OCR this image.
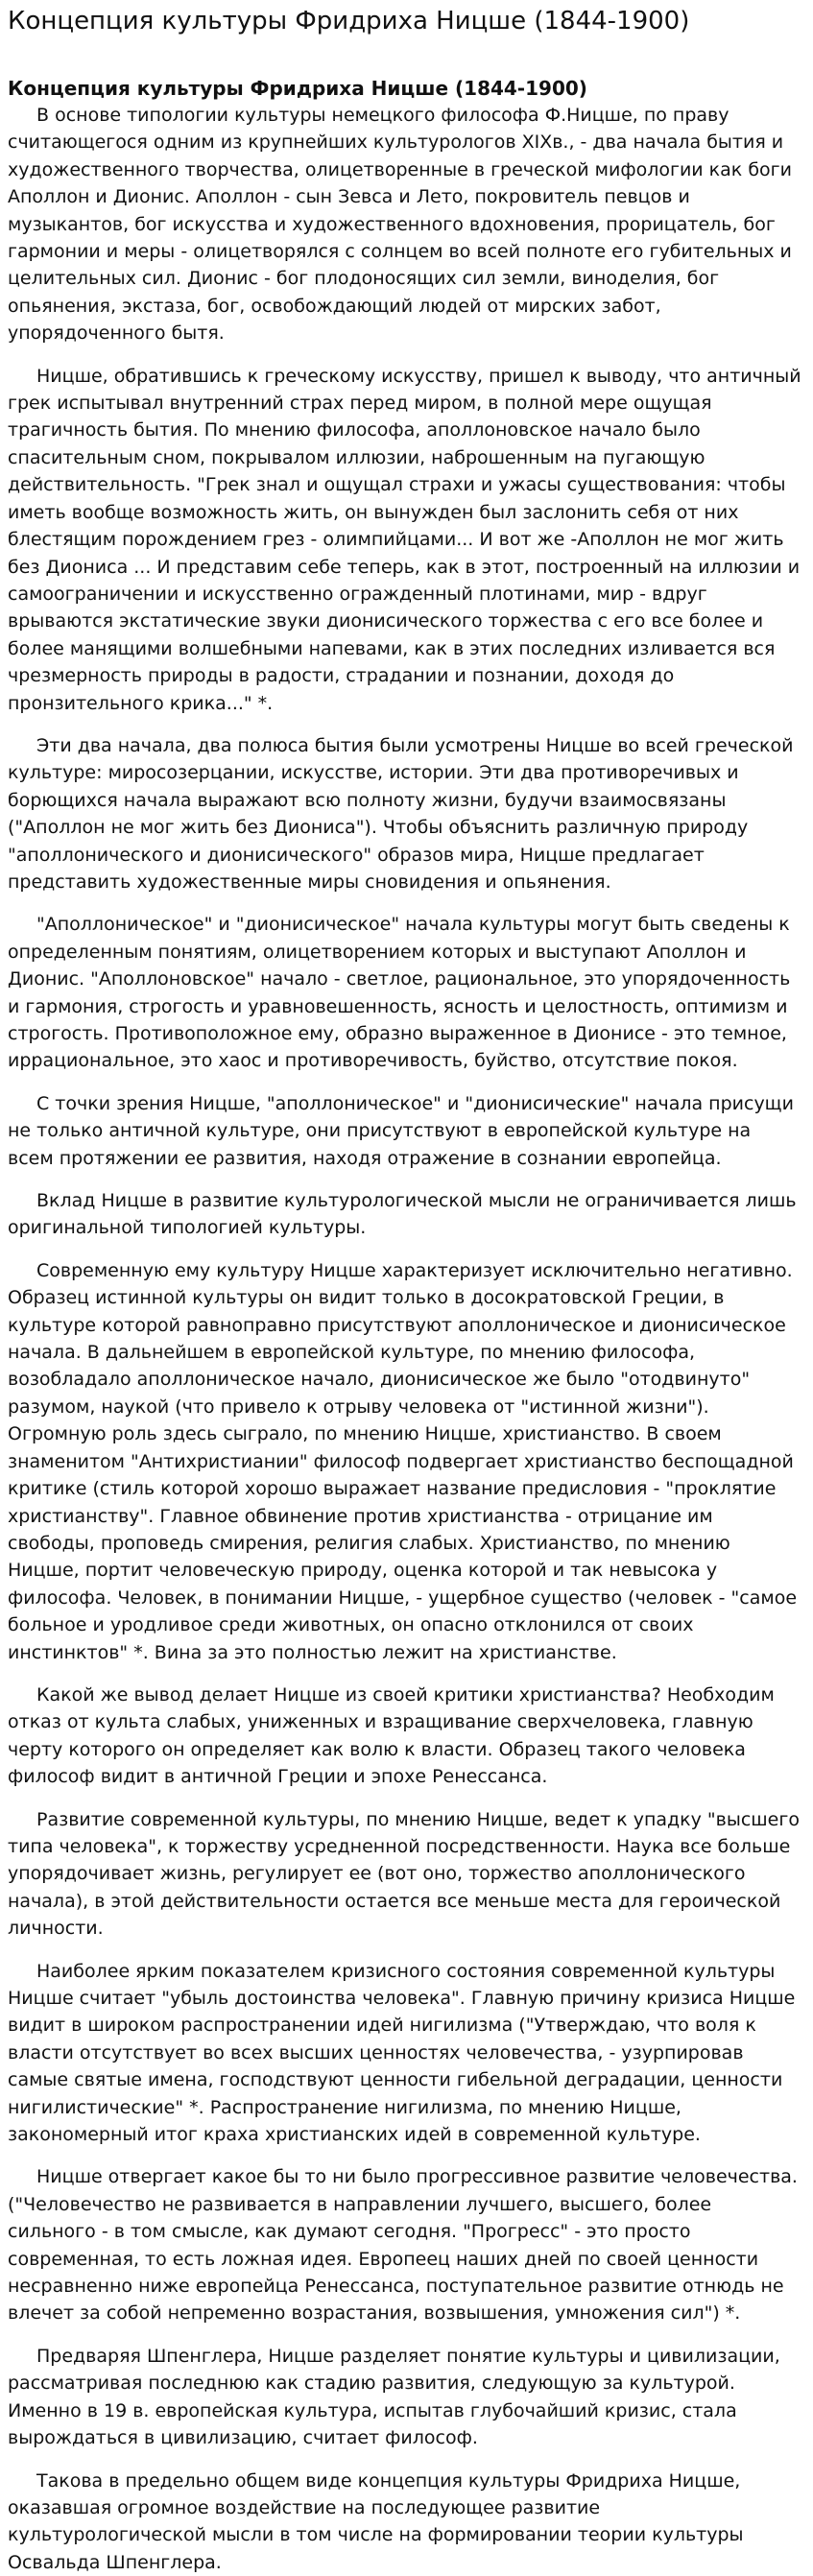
Концепция культуры Фридриха Ницше (1844-1900)
Концепция культуры Фридриха Ницше (1844-1900)

В основе типологии культуры немецкого философа Ф.Ницше, по праву считающегося одним из крупнейших культурологов XIXв., - два начала бытия и художественного творчества, олицетворенные в греческой мифологии как боги Аполлон и Дионис. Аполлон - сын Зевса и Лето, покровитель певцов и музыкантов, бог искусства и художественного вдохновения, прорицатель, бог гармонии и меры - олицетворялся с солнцем во всей полноте его губительных и целительных сил. Дионис - бог плодоносящих сил земли, виноделия, бог опьянения, экстаза, бог, освобождающий людей от мирских забот, упорядоченного бытя.

Ницше, обратившись к греческому искусству, пришел к выводу, что античный грек испытывал внутренний страх перед миром, в полной мере ощущая трагичность бытия. По мнению философа, аполлоновское начало было спасительным сном, покрывалом иллюзии, наброшенным на пугающую действительность. "Грек знал и ощущал страхи и ужасы существования: чтобы иметь вообще возможность жить, он вынужден был заслонить себя от них блестящим порождением грез - олимпийцами... И вот же -Аполлон не мог жить без Диониса ... И представим себе теперь, как в этот, построенный на иллюзии и самоограничении и искусственно огражденный плотинами, мир - вдруг врываются экстатические звуки дионисического торжества с его все более и более манящими волшебными напевами, как в этих последних изливается вся чрезмерность природы в радости, страдании и познании, доходя до пронзительного крика..." *.

Эти два начала, два полюса бытия были усмотрены Ницше во всей греческой культуре: миросозерцании, искусстве, истории. Эти два противоречивых и борющихся начала выражают всю полноту жизни, будучи взаимосвязаны ("Аполлон не мог жить без Диониса"). Чтобы объяснить различную природу "аполлонического и дионисического" образов мира, Ницше предлагает представить художественные миры сновидения и опьянения.

"Аполлоническое" и "дионисическое" начала культуры могут быть сведены к определенным понятиям, олицетворением которых и выступают Аполлон и Дионис. "Аполлоновское" начало - светлое, рациональное, это упорядоченность и гармония, строгость и уравновешенность, ясность и целостность, оптимизм и строгость. Противоположное ему, образно выраженное в Дионисе - это темное, иррациональное, это хаос и противоречивость, буйство, отсутствие покоя.

С точки зрения Ницше, "аполлоническое" и "дионисические" начала присущи не только античной культуре, они присутствуют в европейской культуре на всем протяжении ее развития, находя отражение в сознании европейца.

Вклад Ницше в развитие культурологической мысли не ограничивается лишь оригинальной типологией культуры.

Современную ему культуру Ницше характеризует исключительно негативно. Образец истинной культуры он видит только в досократовской Греции, в культуре которой равноправно присутствуют аполлоническое и дионисическое начала. В дальнейшем в европейской культуре, по мнению философа, возобладало аполлоническое начало, дионисическое же было "отодвинуто" разумом, наукой (что привело к отрыву человека от "истинной жизни"). Огромную роль здесь сыграло, по мнению Ницше, христианство. В своем знаменитом "Антихристиании" философ подвергает христианство беспощадной критике (стиль которой хорошо выражает название предисловия - "проклятие христианству". Главное обвинение против христианства - отрицание им свободы, проповедь смирения, религия слабых. Христианство, по мнению Ницше, портит человеческую природу, оценка которой и так невысока у философа. Человек, в понимании Ницше, - ущербное существо (человек - "самое больное и уродливое среди животных, он опасно отклонился от своих инстинктов" *. Вина за это полностью лежит на христианстве.

Какой же вывод делает Ницше из своей критики христианства? Необходим отказ от культа слабых, униженных и взращивание сверхчеловека, главную черту которого он определяет как волю к власти. Образец такого человека философ видит в античной Греции и эпохе Ренессанса.

Развитие современной культуры, по мнению Ницше, ведет к упадку "высшего типа человека", к торжеству усредненной посредственности. Наука все больше упорядочивает жизнь, регулирует ее (вот оно, торжество аполлонического начала), в этой действительности остается все меньше места для героической личности.

Наиболее ярким показателем кризисного состояния современной культуры Ницше считает "убыль достоинства человека". Главную причину кризиса Ницше видит в широком распространении идей нигилизма ("Утверждаю, что воля к власти отсутствует во всех высших ценностях человечества, - узурпировав самые святые имена, господствуют ценности гибельной деградации, ценности нигилистические" *. Распространение нигилизма, по мнению Ницше, закономерный итог краха христианских идей в современной культуре.

Ницше отвергает какое бы то ни было прогрессивное развитие человечества. ("Человечество не развивается в направлении лучшего, высшего, более сильного - в том смысле, как думают сегодня. "Прогресс" - это просто современная, то есть ложная идея. Европеец наших дней по своей ценности несравненно ниже европейца Ренессанса, поступательное развитие отнюдь не влечет за собой непременно возрастания, возвышения, умножения сил") *.

Предваряя Шпенглера, Ницше разделяет понятие культуры и цивилизации, рассматривая последнюю как стадию развития, следующую за культурой. Именно в 19 в. европейская культура, испытав глубочайший кризис, стала вырождаться в цивилизацию, считает философ.

Такова в предельно общем виде концепция культуры Фридриха Ницше, оказавшая огромное воздействие на последующее развитие культурологической мысли в том числе на формировании теории культуры Освальда Шпенглера.
